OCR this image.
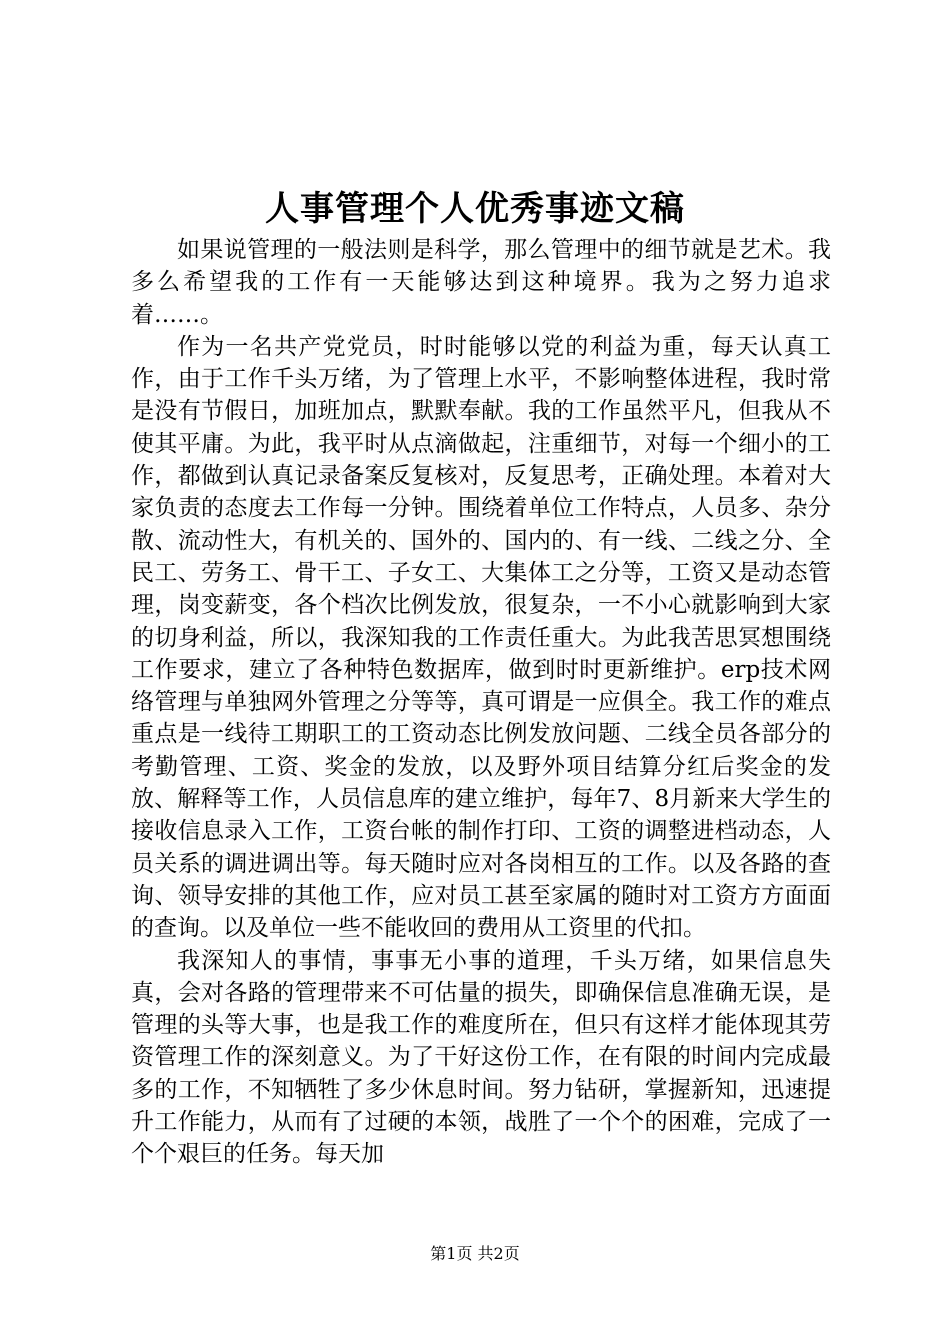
人事管理个人优秀事迹文稿

如果说管理的一般法则是科学，那么管理中的细节就是艺术。我多么希望我的工作有一天能够达到这种境界。我为之努力追求着……。

作为一名共产党党员，时时能够以党的利益为重，每天认真工作，由于工作千头万绪，为了管理上水平，不影响整体进程，我时常是没有节假日，加班加点，默默奉献。我的工作虽然平凡，但我从不使其平庸。为此，我平时从点滴做起，注重细节，对每一个细小的工作，都做到认真记录备案反复核对，反复思考，正确处理。本着对大家负责的态度去工作每一分钟。围绕着单位工作特点，人员多、杂分散、流动性大，有机关的、国外的、国内的、有一线、二线之分、全民工、劳务工、骨干工、子女工、大集体工之分等，工资又是动态管理，岗变薪变，各个档次比例发放，很复杂，一不小心就影响到大家的切身利益，所以，我深知我的工作责任重大。为此我苦思冥想围绕工作要求，建立了各种特色数据库，做到时时更新维护。erp技术网络管理与单独网外管理之分等等，真可谓是一应俱全。我工作的难点重点是一线待工期职工的工资动态比例发放问题、二线全员各部分的考勤管理、工资、奖金的发放，以及野外项目结算分红后奖金的发放、解释等工作，人员信息库的建立维护，每年7、8月新来大学生的接收信息录入工作，工资台帐的制作打印、工资的调整进档动态，人员关系的调进调出等。每天随时应对各岗相互的工作。以及各路的查询、领导安排的其他工作，应对员工甚至家属的随时对工资方方面面的查询。以及单位一些不能收回的费用从工资里的代扣。

我深知人的事情，事事无小事的道理，千头万绪，如果信息失真，会对各路的管理带来不可估量的损失，即确保信息准确无误，是管理的头等大事，也是我工作的难度所在，但只有这样才能体现其劳资管理工作的深刻意义。为了干好这份工作，在有限的时间内完成最多的工作，不知牺牲了多少休息时间。努力钻研，掌握新知，迅速提升工作能力，从而有了过硬的本领，战胜了一个个的困难，完成了一个个艰巨的任务。每天加

第1页 共2页
